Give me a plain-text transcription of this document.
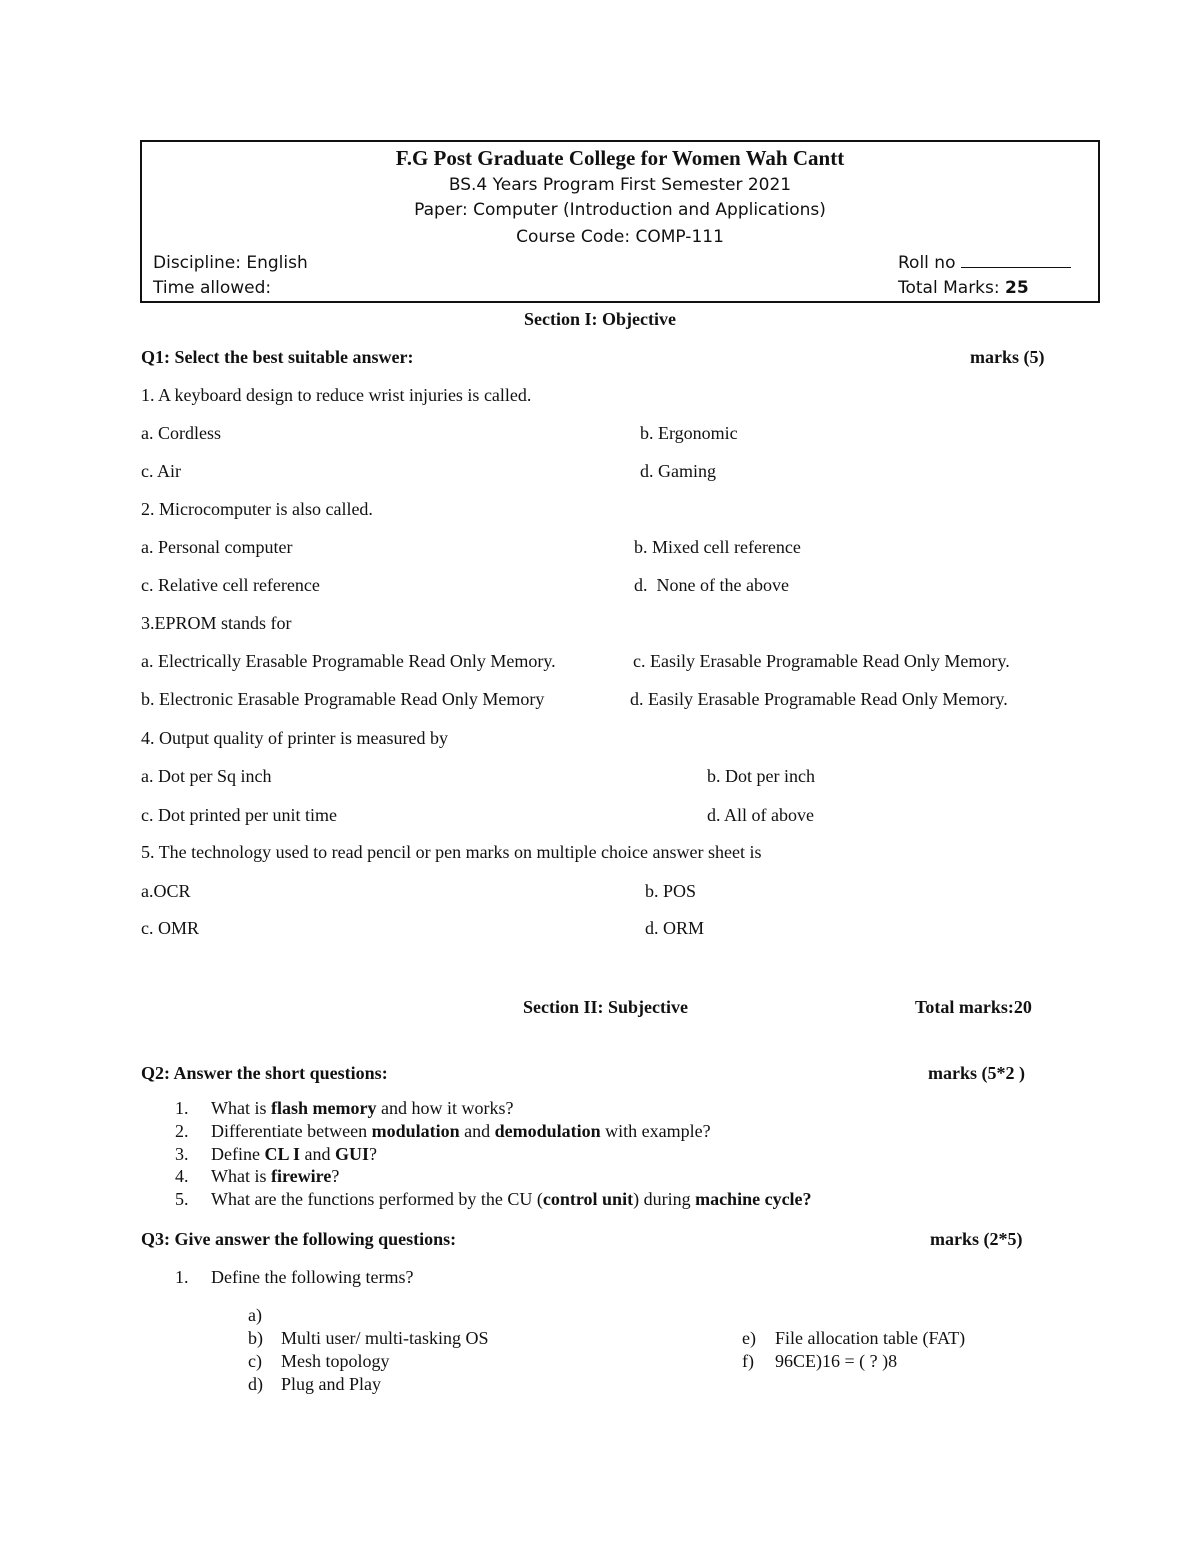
F.G Post Graduate College for Women Wah Cantt
BS.4 Years Program First Semester 2021
Paper: Computer (Introduction and Applications)
Course Code: COMP-111
Discipline: English
Time allowed:
Roll no
Total Marks: 25
Section I: Objective
Q1: Select the best suitable answer:	marks (5)
1. A keyboard design to reduce wrist injuries is called.
a. Cordless	b. Ergonomic
c. Air	d. Gaming
2. Microcomputer is also called.
a. Personal computer	b. Mixed cell reference
c. Relative cell reference	d.  None of the above
3.EPROM stands for
a. Electrically Erasable Programable Read Only Memory.	c. Easily Erasable Programable Read Only Memory.
b. Electronic Erasable Programable Read Only Memory	d. Easily Erasable Programable Read Only Memory.
4. Output quality of printer is measured by
a. Dot per Sq inch	b. Dot per inch
c. Dot printed per unit time	d. All of above
5. The technology used to read pencil or pen marks on multiple choice answer sheet is
a.OCR	b. POS
c. OMR	d. ORM
Section II: Subjective	Total marks:20
Q2: Answer the short questions:	marks (5*2 )
1. What is flash memory and how it works?
2. Differentiate between modulation and demodulation with example?
3. Define CL I and GUI?
4. What is firewire?
5. What are the functions performed by the CU (control unit) during machine cycle?
Q3: Give answer the following questions:	marks (2*5)
1. Define the following terms?
a)
b) Multi user/ multi-tasking OS
c) Mesh topology
d) Plug and Play
e) File allocation table (FAT)
f) 96CE)16 = ( ? )8
